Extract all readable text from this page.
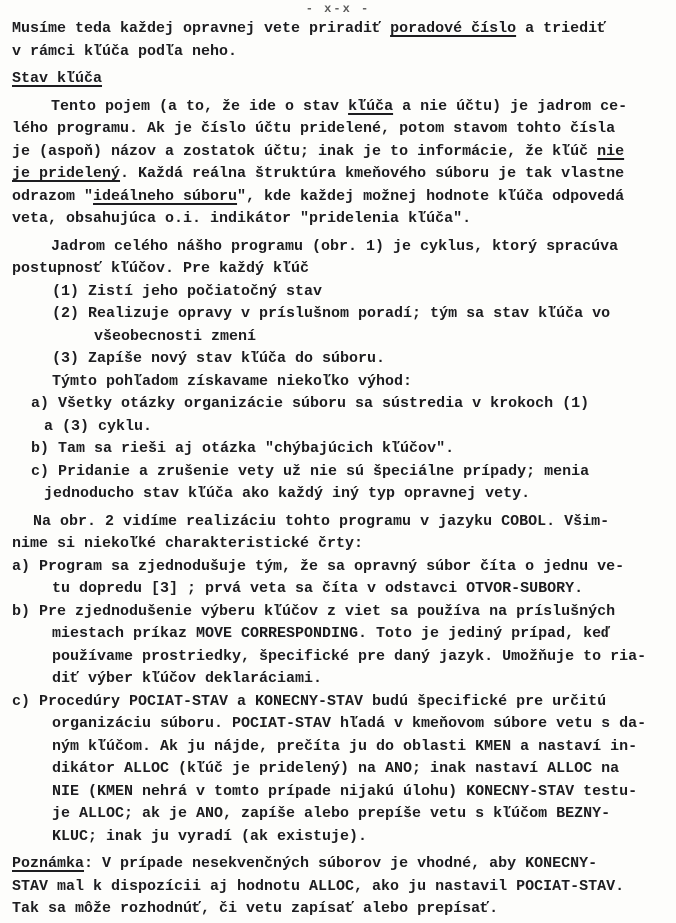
- x-x -
Musíme teda každej opravnej vete priradiť poradové číslo a triediť
v rámci kľúča podľa neho.
Stav kľúča
Tento pojem (a to, že ide o stav kľúča a nie účtu) je jadrom ce-
lého programu. Ak je číslo účtu pridelené, potom stavom tohto čísla
je (aspoň) názov a zostatok účtu; inak je to informácie, že kľúč nie
je pridelený. Každá reálna štruktúra kmeňového súboru je tak vlastne
odrazom "ideálneho súboru", kde každej možnej hodnote kľúča odpovedá
veta, obsahujúca o.i. indikátor "pridelenia kľúča".
Jadrom celého nášho programu (obr. 1) je cyklus, ktorý spracúva
postupnosť kľúčov. Pre každý kľúč
(1) Zistí jeho počiatočný stav
(2) Realizuje opravy v príslušnom poradí; tým sa stav kľúča vo
všeobecnosti zmení
(3) Zapíše nový stav kľúča do súboru.
Týmto pohľadom získavame niekoľko výhod:
a) Všetky otázky organizácie súboru sa sústredia v krokoch (1)
a (3) cyklu.
b) Tam sa rieši aj otázka "chýbajúcich kľúčov".
c) Pridanie a zrušenie vety už nie sú špeciálne prípady; menia
jednoducho stav kľúča ako každý iný typ opravnej vety.
Na obr. 2 vidíme realizáciu tohto programu v jazyku COBOL. Všim-
nime si niekoľké charakteristické črty:
a) Program sa zjednodušuje tým, že sa opravný súbor číta o jednu ve-
tu dopredu [3] ; prvá veta sa číta v odstavci OTVOR-SUBORY.
b) Pre zjednodušenie výberu kľúčov z viet sa používa na príslušných
miestach príkaz MOVE CORRESPONDING. Toto je jediný prípad, keď
používame prostriedky, špecifické pre daný jazyk. Umožňuje to ria-
diť výber kľúčov deklaráciami.
c) Procedúry POCIAT-STAV a KONECNY-STAV budú špecifické pre určitú
organizáciu súboru. POCIAT-STAV hľadá v kmeňovom súbore vetu s da-
ným kľúčom. Ak ju nájde, prečíta ju do oblasti KMEN a nastaví in-
dikátor ALLOC (kľúč je pridelený) na ANO; inak nastaví ALLOC na
NIE (KMEN nehrá v tomto prípade nijakú úlohu) KONECNY-STAV testu-
je ALLOC; ak je ANO, zapíše alebo prepíše vetu s kľúčom BEZNY-
KLUC; inak ju vyradí (ak existuje).
Poznámka: V prípade nesekvenčných súborov je vhodné, aby KONECNY-
STAV mal k dispozícii aj hodnotu ALLOC, ako ju nastavil POCIAT-STAV.
Tak sa môže rozhodnúť, či vetu zapísať alebo prepísať.
